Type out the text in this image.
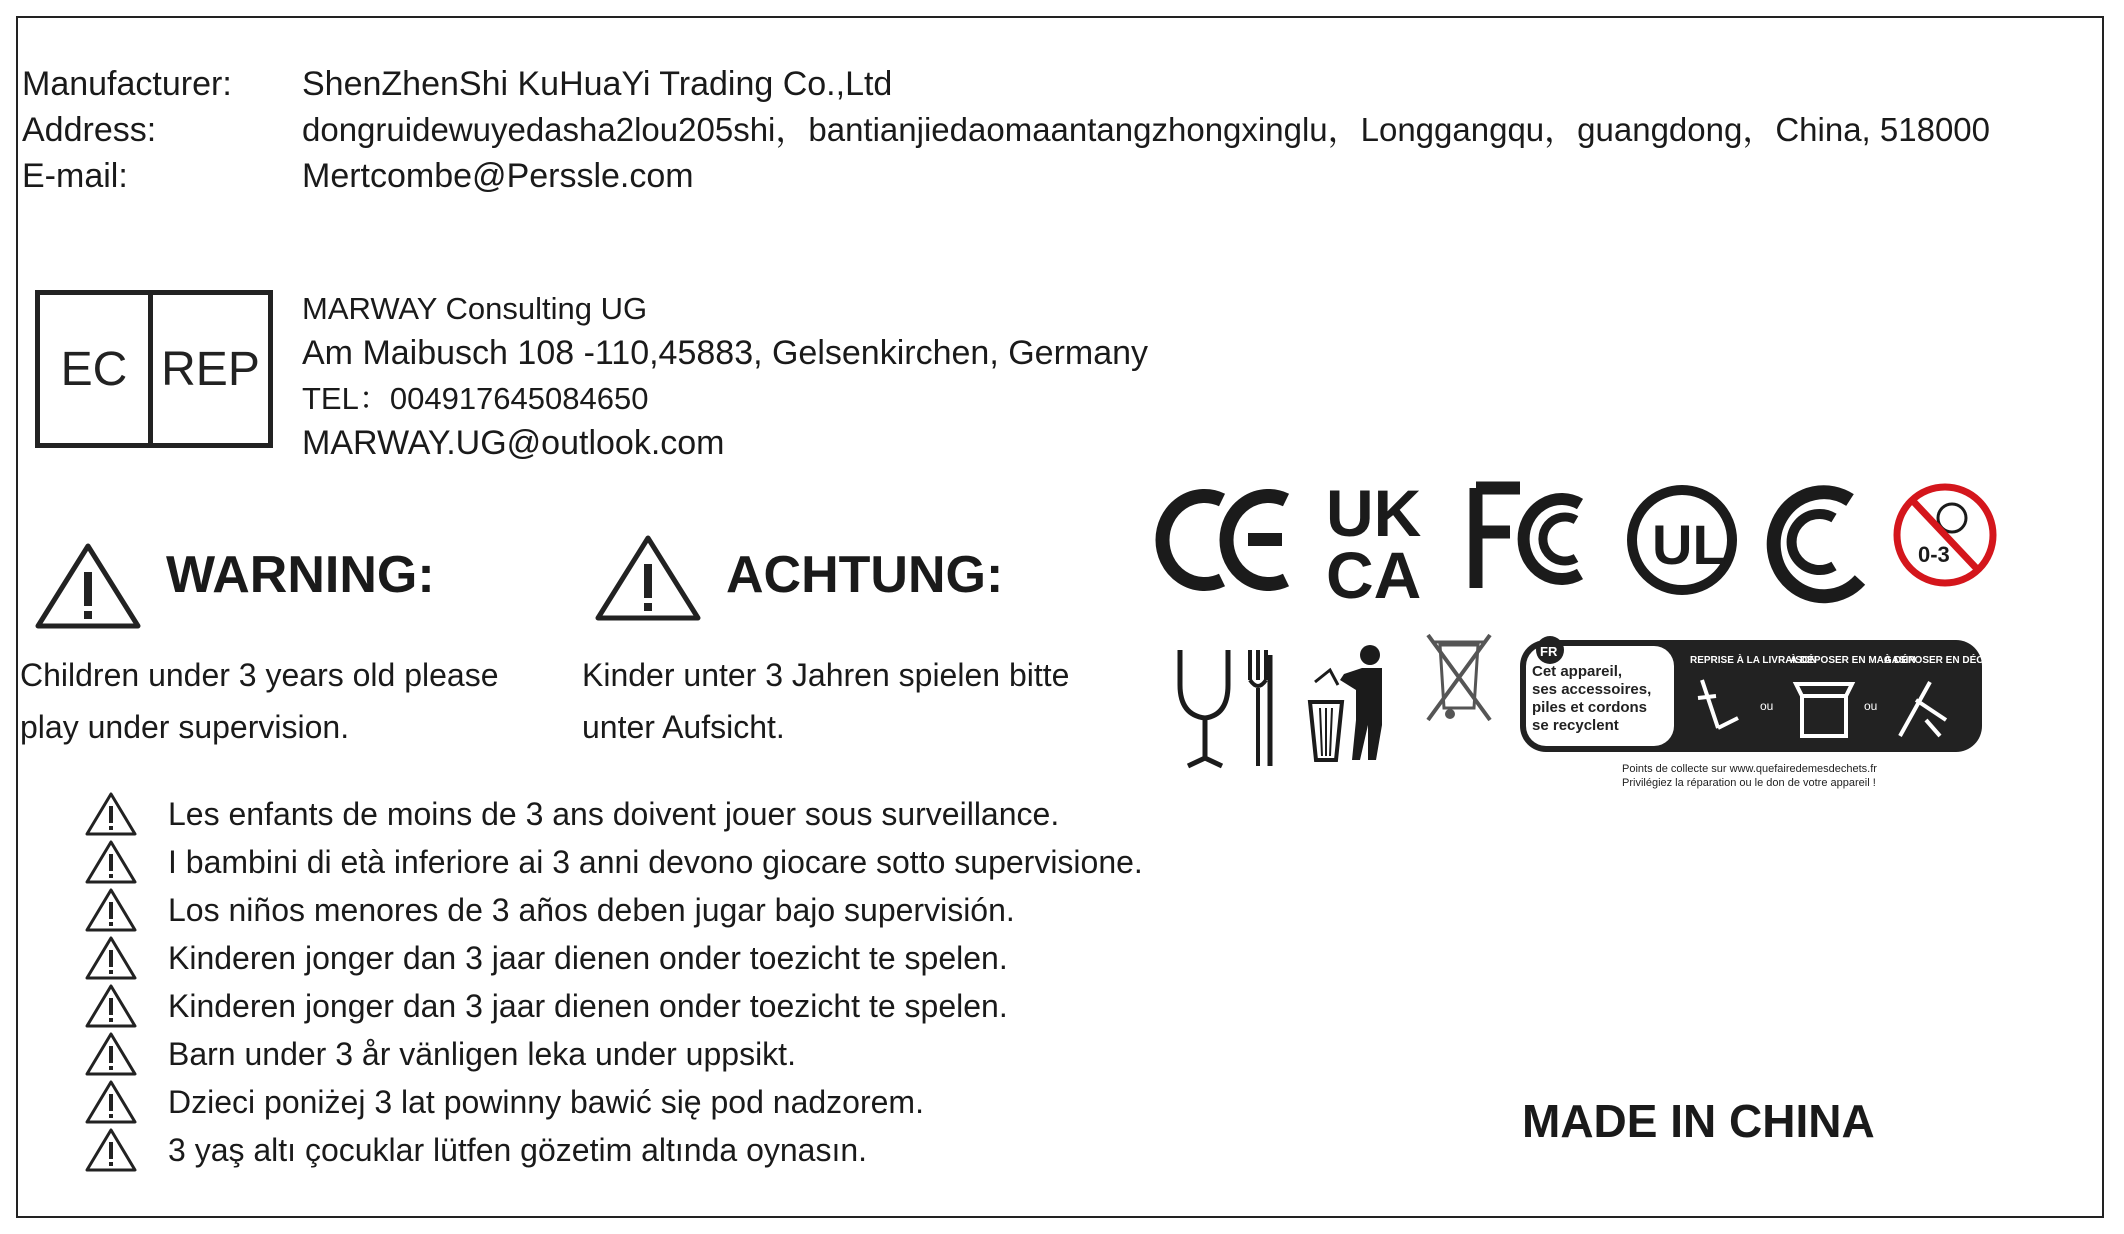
Manufacturer: ShenZhenShi KuHuaYi Trading Co.,Ltd
Address:	dongruidewuyedasha2lou205shi，bantianjiedaomaantangzhongxinglu，Longgangqu，guangdong，China, 518000
E-mail:	Mertcombe@Perssle.com
EC REP
MARWAY Consulting UG
Am Maibusch 108 -110,45883, Gelsenkirchen, Germany
TEL：004917645084650
MARWAY.UG@outlook.com
WARNING:
Children under 3 years old please play under supervision.
ACHTUNG:
Kinder unter 3 Jahren spielen bitte unter Aufsicht.
Les enfants de moins de 3 ans doivent jouer sous surveillance.
I bambini di età inferiore ai 3 anni devono giocare sotto supervisione.
Los niños menores de 3 años deben jugar bajo supervisión.
Kinderen jonger dan 3 jaar dienen onder toezicht te spelen.
Kinderen jonger dan 3 jaar dienen onder toezicht te spelen.
Barn under 3 år vänligen leka under uppsikt.
Dzieci poniżej 3 lat powinny bawić się pod nadzorem.
3 yaş altı çocuklar lütfen gözetim altında oynasın.
UK
CA	UL	0-3
FR
Cet appareil,
ses accessoires,
piles et cordons
se recyclent
REPRISE À LA LIVRAISON
À DÉPOSER EN MAGASIN
À DÉPOSER EN DÉCHETERIE
ou	ou
Points de collecte sur www.quefairedemesdechets.fr
Privilégiez la réparation ou le don de votre appareil !
MADE IN CHINA
